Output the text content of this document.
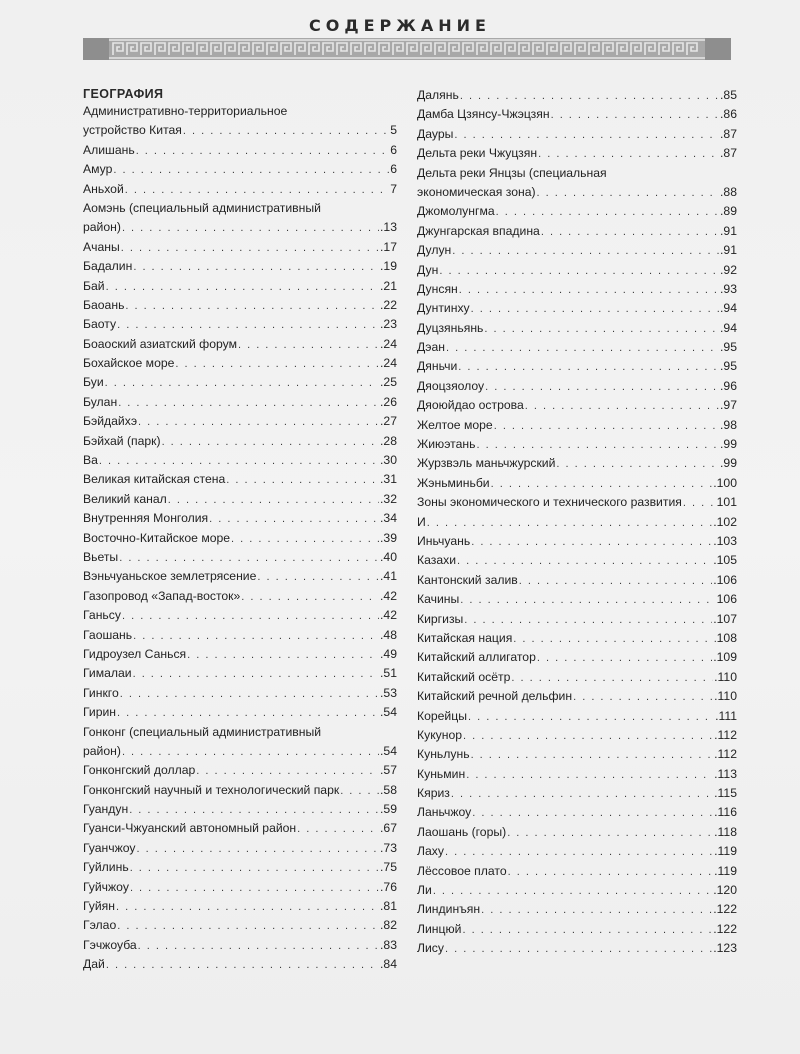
СОДЕРЖАНИЕ
ГЕОГРАФИЯ
Административно-территориальное
устройство Китая . . .	5
Алишань . . .	6
Амур . . .	6
Аньхой . . .	7
Аомэнь (специальный административный
район) . . .	.13
Ачаны . . .	.17
Бадалин . . .	.19
Бай . . .	.21
Баоань . . .	.22
Баоту . . .	.23
Боаоский азиатский форум . . .	.24
Бохайское море . . .	.24
Буи . . .	.25
Булан . . .	.26
Бэйдайхэ . . .	.27
Бэйхай (парк) . . .	.28
Ва . . .	.30
Великая китайская стена . . .	.31
Великий канал . . .	.32
Внутренняя Монголия . . .	.34
Восточно-Китайское море . . .	.39
Вьеты . . .	.40
Вэньчуаньское землетрясение . . .	.41
Газопровод «Запад-восток» . . .	.42
Ганьсу . . .	.42
Гаошань . . .	.48
Гидроузел Санься . . .	.49
Гималаи . . .	.51
Гинкго . . .	.53
Гирин . . .	.54
Гонконг (специальный административный
район) . . .	.54
Гонконгский доллар . . .	.57
Гонконгский научный и технологический парк . . .	.58
Гуандун . . .	.59
Гуанси-Чжуанский автономный район . . .	.67
Гуанчжоу . . .	.73
Гуйлинь . . .	.75
Гуйчжоу . . .	.76
Гуйян . . .	.81
Гэлао . . .	.82
Гэчжоуба . . .	.83
Дай . . .	.84
Далянь . . .	.85
Дамба Цзянсу-Чжэцзян . . .	.86
Дауры . . .	.87
Дельта реки Чжуцзян . . .	.87
Дельта реки Янцзы (специальная
экономическая зона) . . .	.88
Джомолунгма . . .	.89
Джунгарская впадина . . .	.91
Дулун . . .	.91
Дун . . .	.92
Дунсян . . .	.93
Дунтинху . . .	.94
Дуцзяньянь . . .	.94
Дэан . . .	.95
Дяньчи . . .	.95
Дяоцзяолоу . . .	.96
Дяоюйдао острова . . .	.97
Желтое море . . .	.98
Жиюэтань . . .	.99
Журзвэль маньчжурский . . .	.99
Жэньминьби . . .	.100
Зоны экономического и технического развития . . .	101
И . . .	.102
Иньчуань . . .	.103
Казахи . . .	.105
Кантонский залив . . .	.106
Качины . . .	106
Киргизы . . .	.107
Китайская нация . . .	108
Китайский аллигатор . . .	.109
Китайский осётр . . .	.110
Китайский речной дельфин . . .	.110
Корейцы . . .	.111
Кукунор . . .	.112
Куньлунь . . .	.112
Куньмин . . .	.113
Кяриз . . .	.115
Ланьчжоу . . .	.116
Лаошань (горы) . . .	.118
Лаху . . .	.119
Лёссовое плато . . .	.119
Ли . . .	.120
Линдинъян . . .	.122
Линцюй . . .	.122
Лису . . .	.123
